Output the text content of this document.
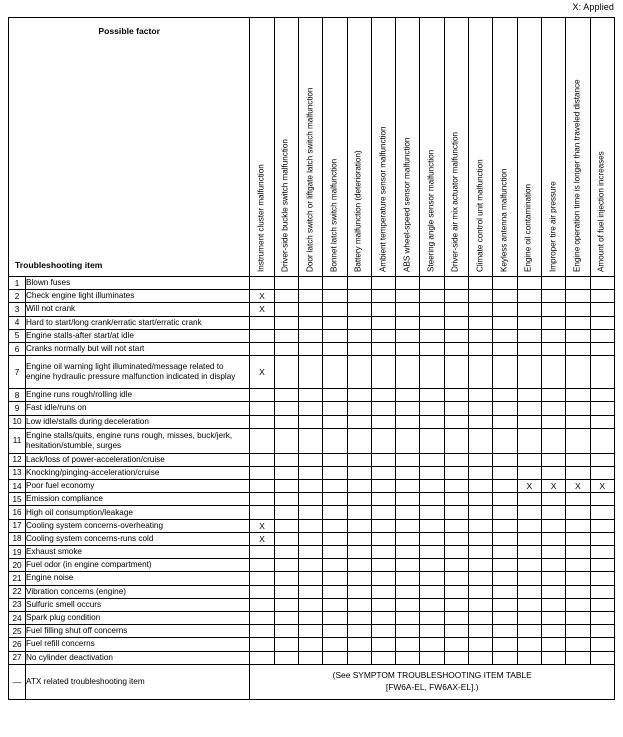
X: Applied
Possible factor
Troubleshooting item		Instrument cluster malfunction	Driver-side buckle switch malfunction	Door latch switch or liftgate latch switch malfunction	Bonnet latch switch malfunction	Battery malfunction (deterioration)	Ambient temperature sensor malfunction	ABS wheel-speed sensor malfunction	Steering angle sensor malfunction	Driver-side air mix actuator malfunction	Climate control unit malfunction	Keyless antenna malfunction	Engine oil contamination	Improper tire air pressure	Engine operation time is longer than traveled distance	Amount of fuel injection increases

1	Blown fuses															
2	Check engine light illuminates	X														
3	Will not crank	X														
4	Hard to start/long crank/erratic start/erratic crank															
5	Engine stalls-after start/at idle															
6	Cranks normally but will not start															
7	Engine oil warning light illuminated/message related to engine hydraulic pressure malfunction indicated in display	X														
8	Engine runs rough/rolling idle															
9	Fast idle/runs on															
10	Low idle/stalls during deceleration															
11	Engine stalls/quits, engine runs rough, misses, buck/jerk, hesitation/stumble, surges															
12	Lack/loss of power-acceleration/cruise															
13	Knocking/pinging-acceleration/cruise															
14	Poor fuel economy												X	X	X	X
15	Emission compliance															
16	High oil consumption/leakage															
17	Cooling system concerns-overheating	X														
18	Cooling system concerns-runs cold	X														
19	Exhaust smoke															
20	Fuel odor (in engine compartment)															
21	Engine noise															
22	Vibration concerns (engine)															
23	Sulfuric smell occurs															
24	Spark plug condition															
25	Fuel filling shut off concerns															
26	Fuel refill concerns															
27	No cylinder deactivation															
—	ATX related troubleshooting item	(See SYMPTOM TROUBLESHOOTING ITEM TABLE
[FW6A-EL, FW6AX-EL].)														
